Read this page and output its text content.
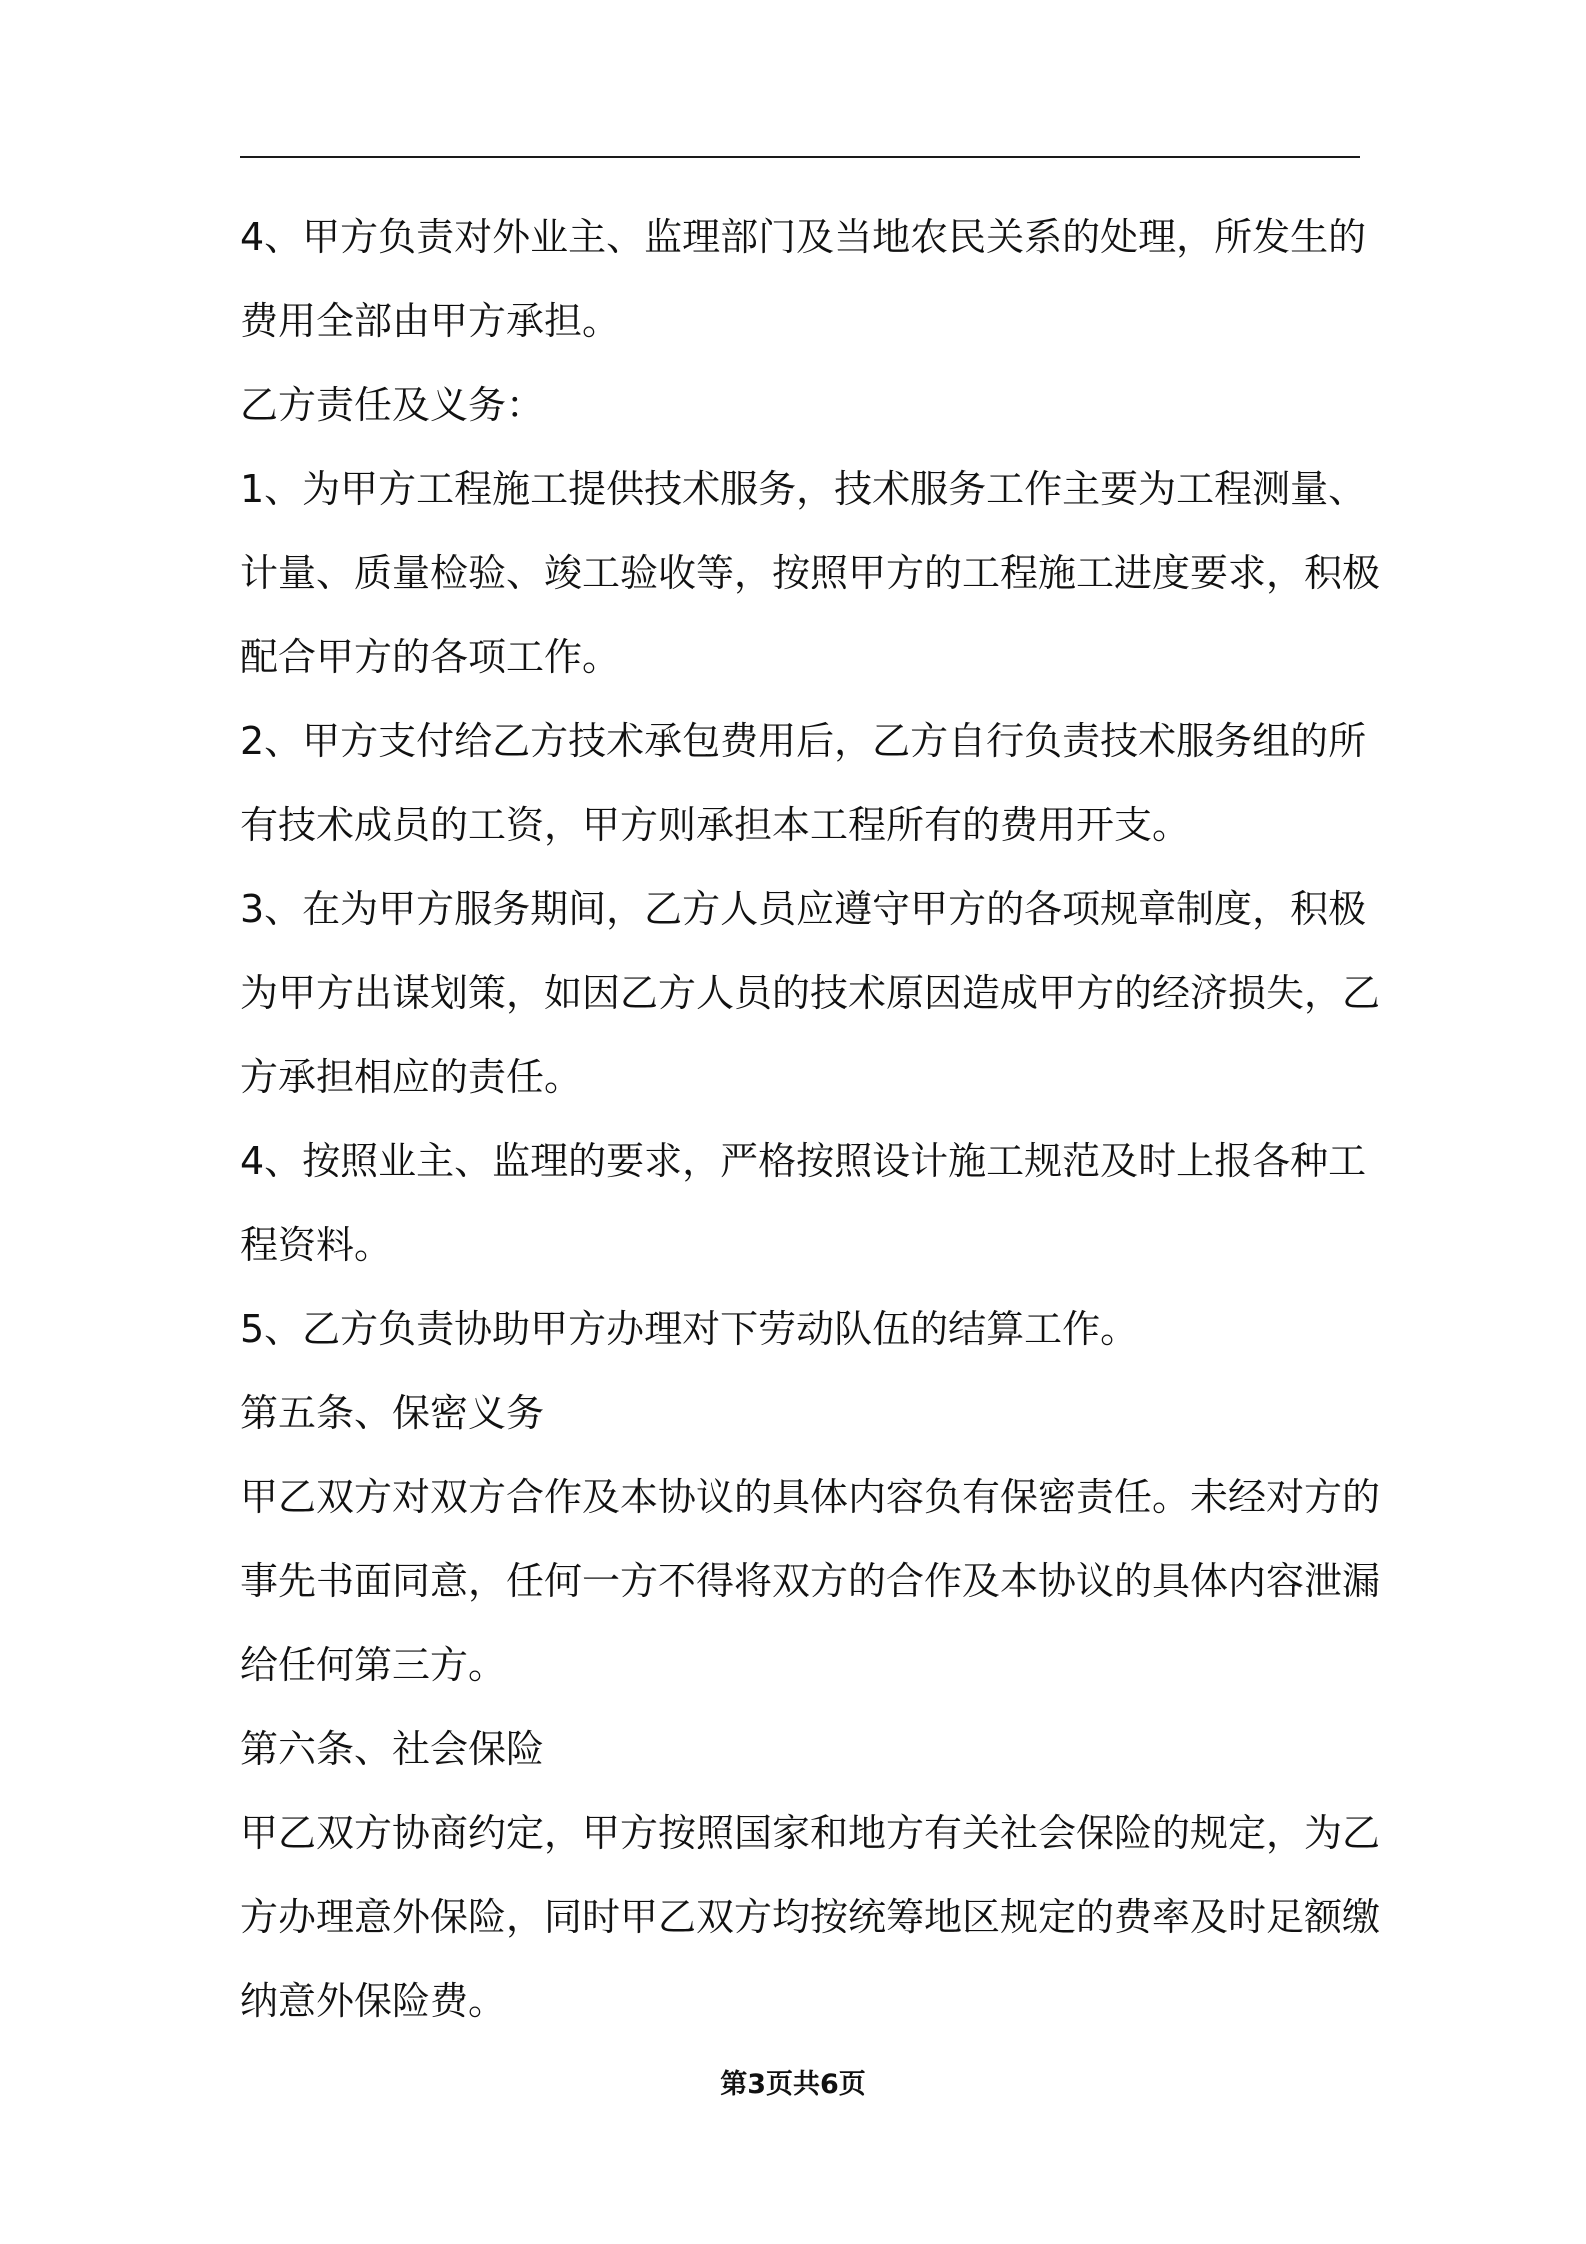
4、甲方负责对外业主、监理部门及当地农民关系的处理，所发生的
费用全部由甲方承担。
乙方责任及义务：
1、为甲方工程施工提供技术服务，技术服务工作主要为工程测量、
计量、质量检验、竣工验收等，按照甲方的工程施工进度要求，积极
配合甲方的各项工作。
2、甲方支付给乙方技术承包费用后，乙方自行负责技术服务组的所
有技术成员的工资，甲方则承担本工程所有的费用开支。
3、在为甲方服务期间，乙方人员应遵守甲方的各项规章制度，积极
为甲方出谋划策，如因乙方人员的技术原因造成甲方的经济损失，乙
方承担相应的责任。
4、按照业主、监理的要求，严格按照设计施工规范及时上报各种工
程资料。
5、乙方负责协助甲方办理对下劳动队伍的结算工作。
第五条、保密义务
甲乙双方对双方合作及本协议的具体内容负有保密责任。未经对方的
事先书面同意，任何一方不得将双方的合作及本协议的具体内容泄漏
给任何第三方。
第六条、社会保险
甲乙双方协商约定，甲方按照国家和地方有关社会保险的规定，为乙
方办理意外保险，同时甲乙双方均按统筹地区规定的费率及时足额缴
纳意外保险费。
第3页共6页
